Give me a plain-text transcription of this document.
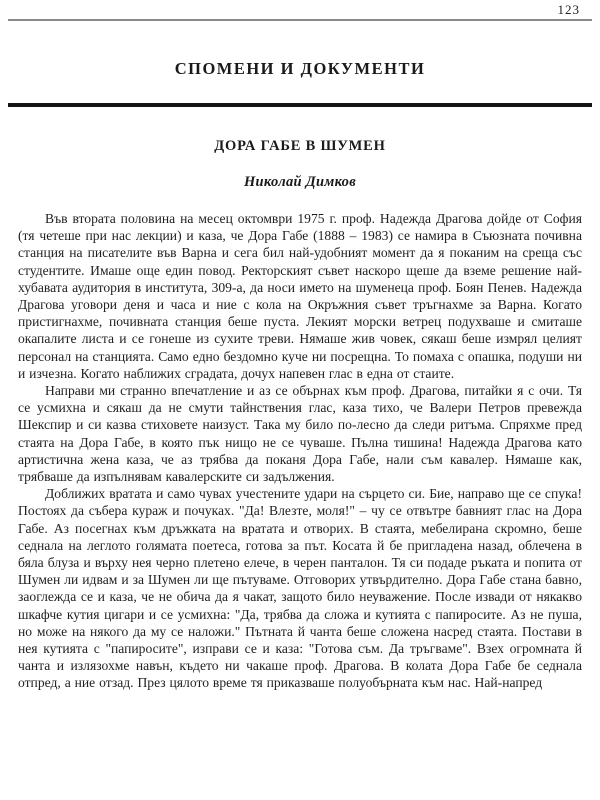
123
СПОМЕНИ И ДОКУМЕНТИ
ДОРА ГАБЕ В ШУМЕН
Николай Димков

Във втората половина на месец октомври 1975 г. проф. Надежда Драгова дойде от София (тя четеше при нас лекции) и каза, че Дора Габе (1888 – 1983) се намира в Съюзната почивна станция на писателите във Варна и сега бил най-удобният момент да я поканим на среща със студентите. Имаше още един повод. Ректорският съвет наскоро щеше да вземе решение най-хубавата аудитория в института, 309-а, да носи името на шуменеца проф. Боян Пенев. Надежда Драгова уговори деня и часа и ние с кола на Окръжния съвет тръгнахме за Варна. Когато пристигнахме, почивната станция беше пуста. Лекият морски ветрец подухваше и смиташе окапалите листа и се гонеше из сухите треви. Нямаше жив човек, сякаш беше измрял целият персонал на станцията. Само едно бездомно куче ни посрещна. То помаха с опашка, подуши ни и изчезна. Когато наближих сградата, дочух напевен глас в една от стаите.

Направи ми странно впечатление и аз се обърнах към проф. Драгова, питайки я с очи. Тя се усмихна и сякаш да не смути тайнствения глас, каза тихо, че Валери Петров превежда Шекспир и си казва стиховете наизуст. Така му било по-лесно да следи ритъма. Спряхме пред стаята на Дора Габе, в която пък нищо не се чуваше. Пълна тишина! Надежда Драгова като артистична жена каза, че аз трябва да поканя Дора Габе, нали съм кавалер. Нямаше как, трябваше да изпълнявам кавалерските си задължения.

Доближих вратата и само чувах учестените удари на сърцето си. Бие, направо ще се спука! Постоях да събера кураж и почуках. "Да! Влезте, моля!" – чу се отвътре бавният глас на Дора Габе. Аз посегнах към дръжката на вратата и отворих. В стаята, мебелирана скромно, беше седнала на леглото голямата поетеса, готова за път. Косата й бе пригладена назад, облечена в бяла блуза и върху нея черно плетено елече, в черен панталон. Тя си подаде ръката и попита от Шумен ли идвам и за Шумен ли ще пътуваме. Отговорих утвърдително. Дора Габе стана бавно, заоглежда се и каза, че не обича да я чакат, защото било неуважение. После извади от някакво шкафче кутия цигари и се усмихна: "Да, трябва да сложа и кутията с папиросите. Аз не пуша, но може на някого да му се наложи." Пътната й чанта беше сложена насред стаята. Постави в нея кутията с "папиросите", изправи се и каза: "Готова съм. Да тръгваме". Взех огромната й чанта и излязохме навън, където ни чакаше проф. Драгова. В колата Дора Габе бе седнала отпред, а ние отзад. През цялото време тя приказваше полуобърната към нас. Най-напред
